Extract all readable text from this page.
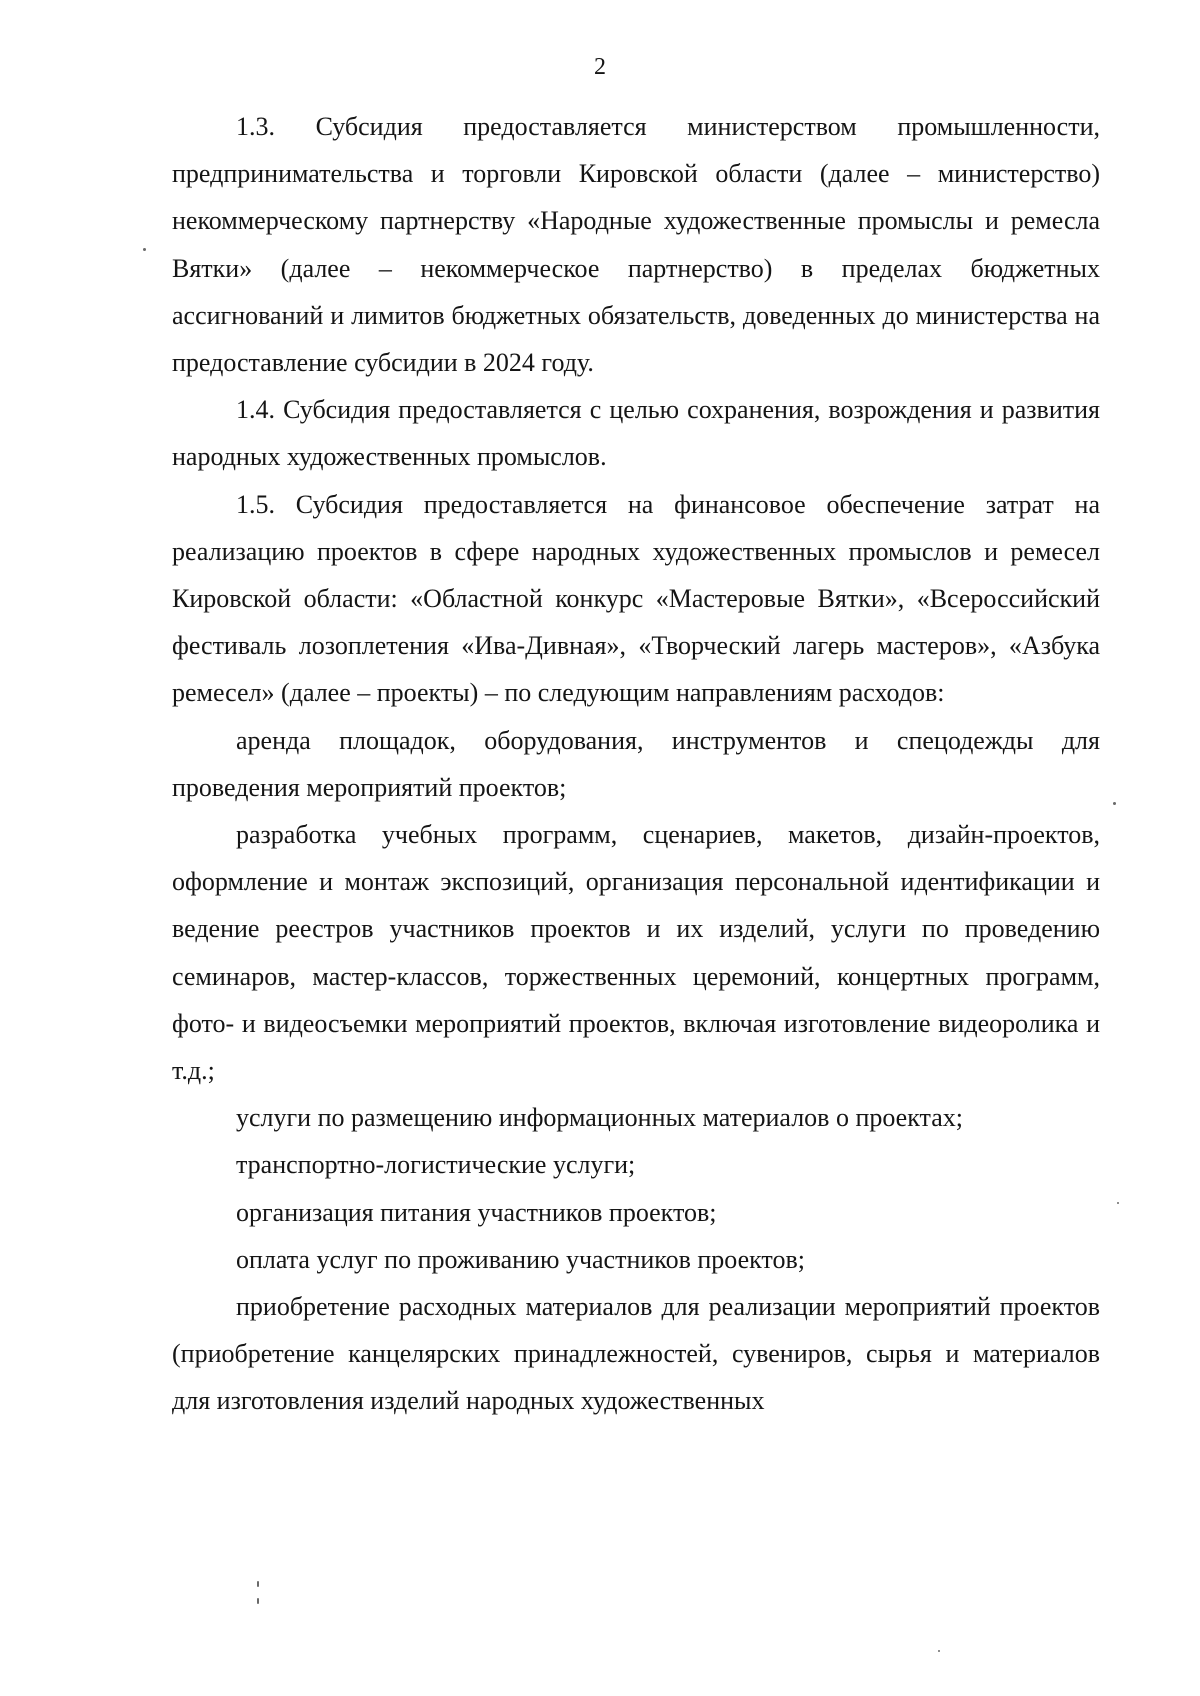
2

1.3. Субсидия предоставляется министерством промышленности, предпринимательства и торговли Кировской области (далее – министерство) некоммерческому партнерству «Народные художественные промыслы и ремесла Вятки» (далее – некоммерческое партнерство) в пределах бюджетных ассигнований и лимитов бюджетных обязательств, доведенных до министерства на предоставление субсидии в 2024 году.

1.4. Субсидия предоставляется с целью сохранения, возрождения и развития народных художественных промыслов.

1.5. Субсидия предоставляется на финансовое обеспечение затрат на реализацию проектов в сфере народных художественных промыслов и ремесел Кировской области: «Областной конкурс «Мастеровые Вятки», «Всероссийский фестиваль лозоплетения «Ива-Дивная», «Творческий лагерь мастеров», «Азбука ремесел» (далее – проекты) – по следующим направлениям расходов:

аренда площадок, оборудования, инструментов и спецодежды для проведения мероприятий проектов;

разработка учебных программ, сценариев, макетов, дизайн-проектов, оформление и монтаж экспозиций, организация персональной идентификации и ведение реестров участников проектов и их изделий, услуги по проведению семинаров, мастер-классов, торжественных церемоний, концертных программ, фото- и видеосъемки мероприятий проектов, включая изготовление видеоролика и т.д.;

услуги по размещению информационных материалов о проектах;

транспортно-логистические услуги;

организация питания участников проектов;

оплата услуг по проживанию участников проектов;

приобретение расходных материалов для реализации мероприятий проектов (приобретение канцелярских принадлежностей, сувениров, сырья и материалов для изготовления изделий народных художественных
